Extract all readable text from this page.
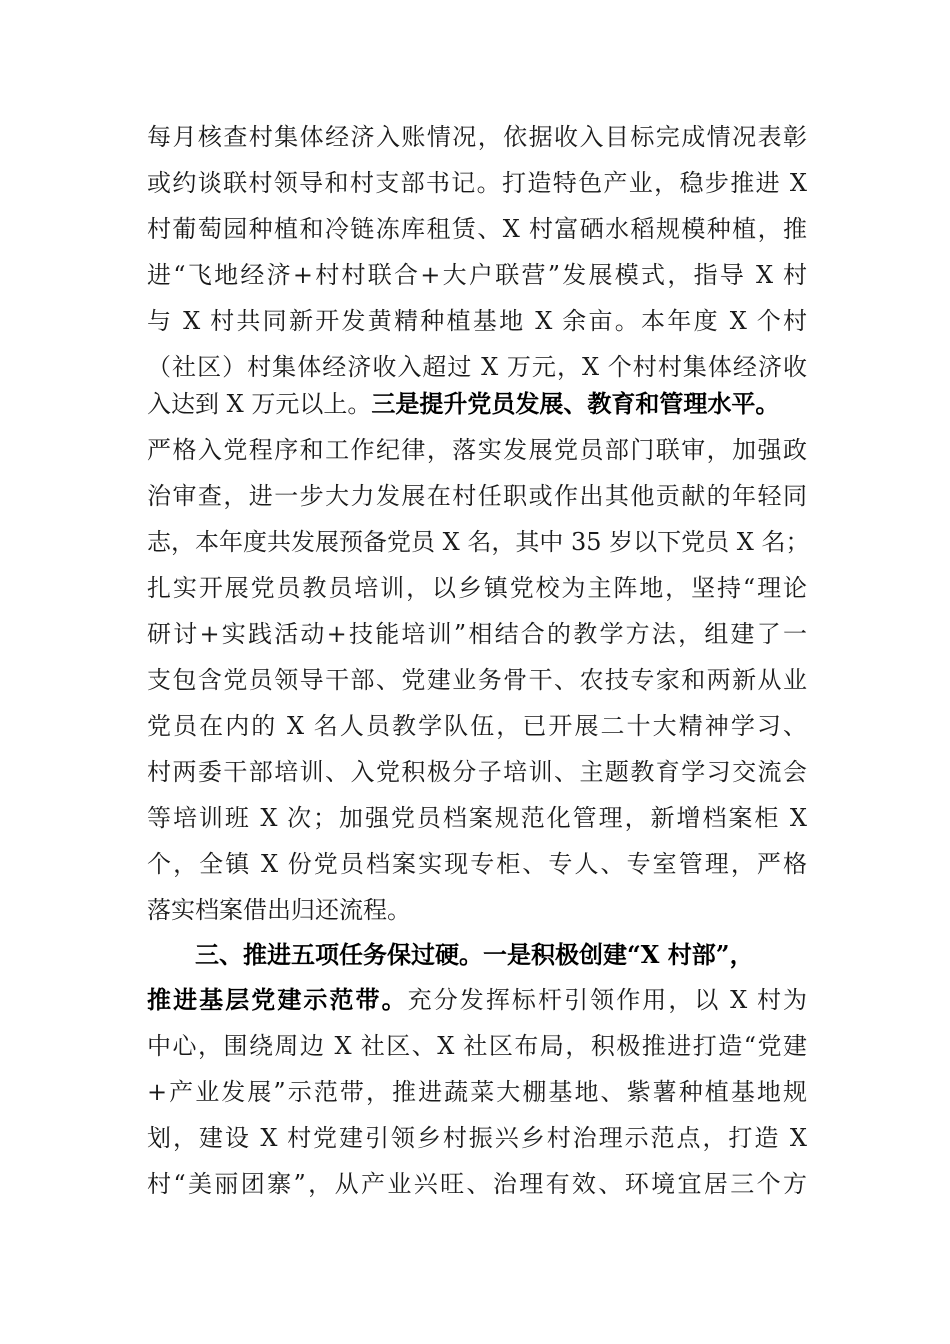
每月核查村集体经济入账情况，依据收入目标完成情况表彰
或约谈联村领导和村支部书记。打造特色产业，稳步推进 X
村葡萄园种植和冷链冻库租赁、X 村富硒水稻规模种植，推
进“飞地经济+村村联合+大户联营”发展模式，指导 X 村
与 X 村共同新开发黄精种植基地 X 余亩。本年度 X 个村
（社区）村集体经济收入超过 X 万元，X 个村村集体经济收
入达到 X 万元以上。三是提升党员发展、教育和管理水平。
严格入党程序和工作纪律，落实发展党员部门联审，加强政
治审查，进一步大力发展在村任职或作出其他贡献的年轻同
志，本年度共发展预备党员 X 名，其中 35 岁以下党员 X 名；
扎实开展党员教员培训，以乡镇党校为主阵地，坚持“理论
研讨+实践活动+技能培训”相结合的教学方法，组建了一
支包含党员领导干部、党建业务骨干、农技专家和两新从业
党员在内的 X 名人员教学队伍，已开展二十大精神学习、
村两委干部培训、入党积极分子培训、主题教育学习交流会
等培训班 X 次；加强党员档案规范化管理，新增档案柜 X
个，全镇 X 份党员档案实现专柜、专人、专室管理，严格
落实档案借出归还流程。
　　三、推进五项任务保过硬。一是积极创建“X 村部”，
推进基层党建示范带。充分发挥标杆引领作用，以 X 村为
中心，围绕周边 X 社区、X 社区布局，积极推进打造“党建
+产业发展”示范带，推进蔬菜大棚基地、紫薯种植基地规
划，建设 X 村党建引领乡村振兴乡村治理示范点，打造 X
村“美丽团寨”，从产业兴旺、治理有效、环境宜居三个方
